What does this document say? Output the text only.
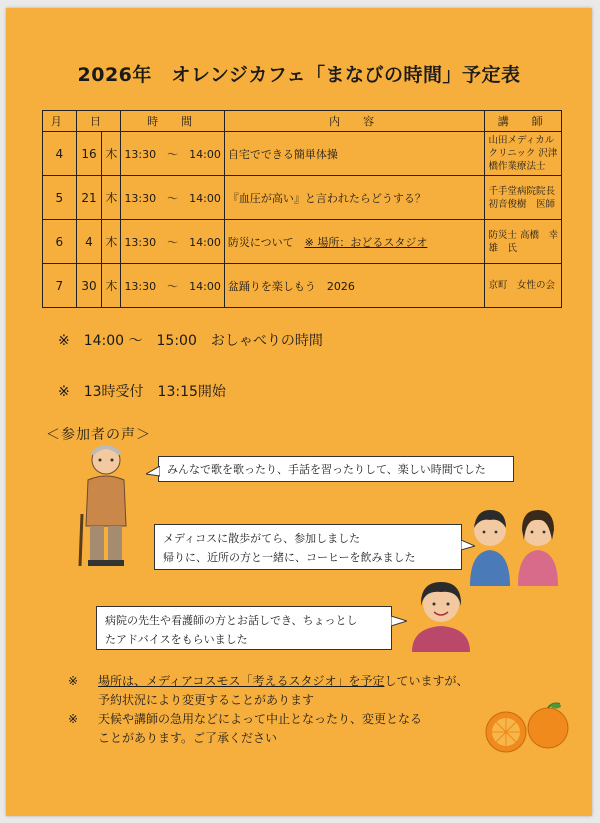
2026年　オレンジカフェ「まなびの時間」予定表
月	日		時　間	内　容	講　師
4	16	木	13:30　～　14:00	自宅でできる簡単体操	山田メディカルクリニック 沢津橋作業療法士
5	21	木	13:30　～　14:00	『血圧が高い』と言われたらどうする？	千手堂病院院長 初音俊樹　医師
6	4	木	13:30　～　14:00	防災について　 ※ 場所：おどるスタジオ	防災士 高橋　幸雄　氏
7	30	木	13:30　～　14:00	盆踊りを楽しもう　2026	京町　女性の会
※　14:00 ～　15:00　おしゃべりの時間
※　13時受付　13:15開始
＜参加者の声＞
みんなで歌を歌ったり、手話を習ったりして、楽しい時間でした
メディコスに散歩がてら、参加しました
帰りに、近所の方と一緒に、コーヒーを飲みました
病院の先生や看護師の方とお話しでき、ちょっとし
たアドバイスをもらいました
※	場所は、メディアコスモス「考えるスタジオ」を予定していますが、
予約状況により変更することがあります
※	天候や講師の急用などによって中止となったり、変更となる
ことがあります。ご了承ください
